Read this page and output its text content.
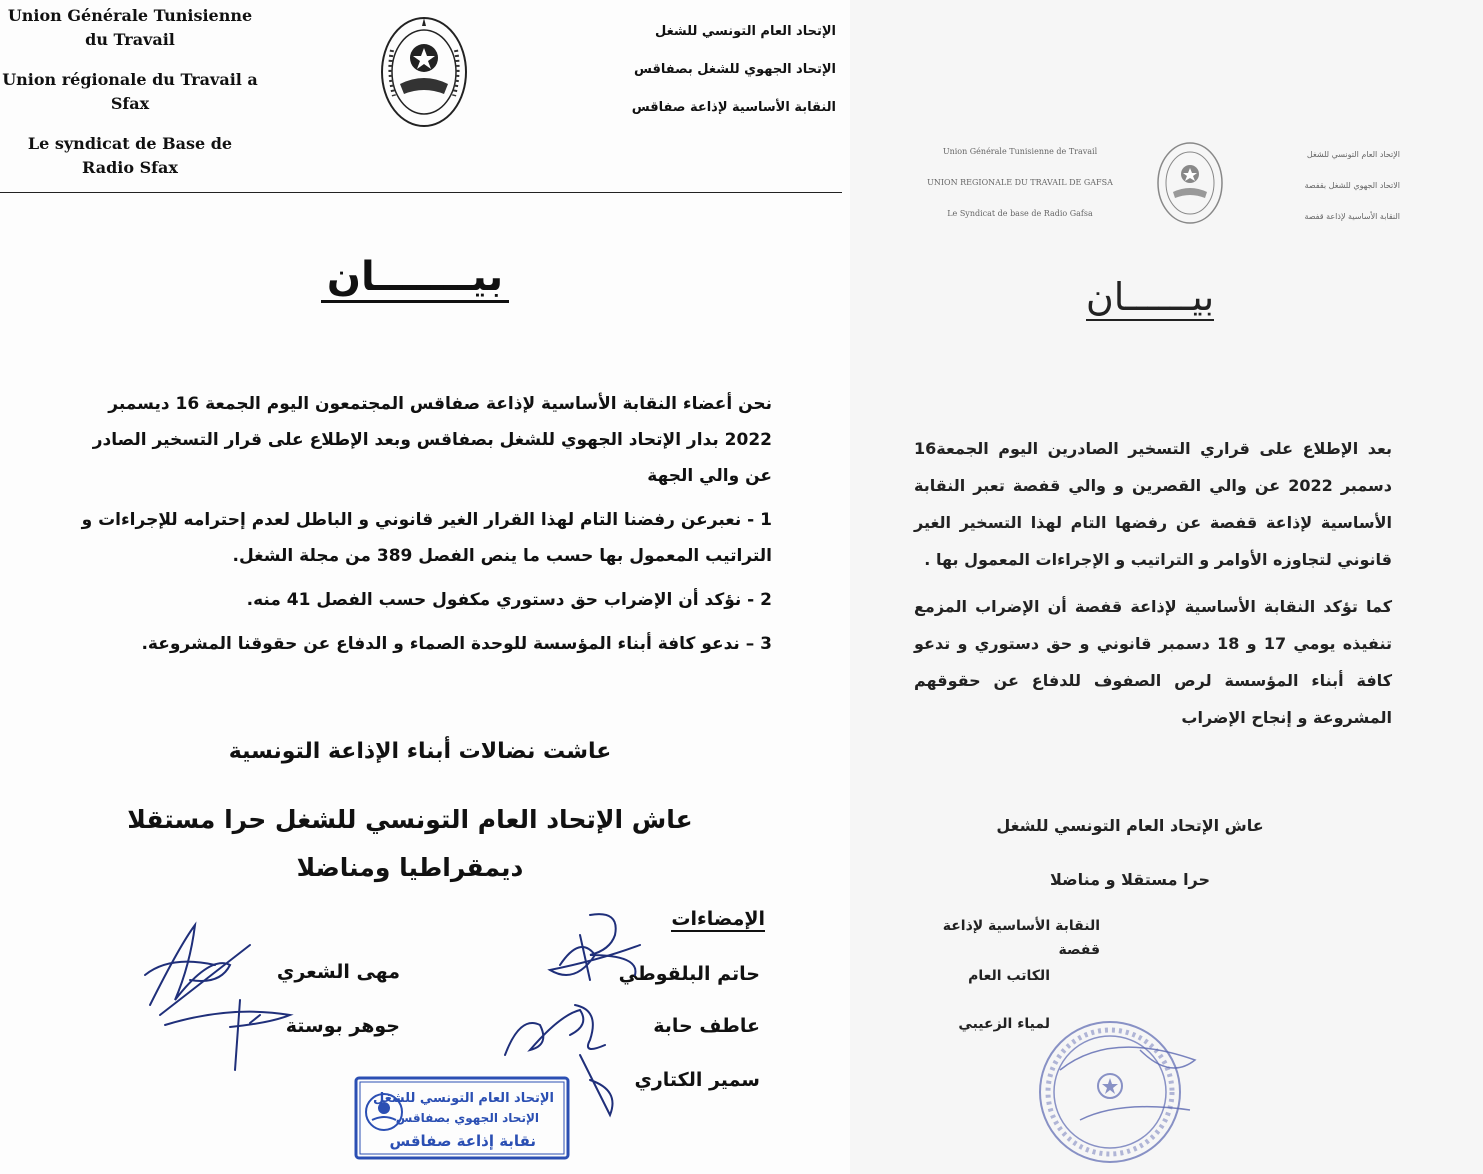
Union Générale Tunisienne du Travail

Union régionale du Travail a Sfax

Le syndicat de Base de Radio Sfax

الإتحاد العام التونسي للشغل

الإتحاد الجهوي للشغل بصفاقس

النقابة الأساسية لإذاعة صفاقس

بيـــــــان

نحن أعضاء النقابة الأساسية لإذاعة صفاقس المجتمعون اليوم الجمعة 16 ديسمبر 2022 بدار الإتحاد الجهوي للشغل بصفاقس وبعد الإطلاع على قرار التسخير الصادر عن والي الجهة

1 - نعبرعن رفضنا التام لهذا القرار الغير قانوني و الباطل لعدم إحترامه للإجراءات و التراتيب المعمول بها حسب ما ينص الفصل 389 من مجلة الشغل.

2 - نؤكد أن الإضراب حق دستوري مكفول حسب الفصل 41 منه.

3 – ندعو كافة أبناء المؤسسة للوحدة الصماء و الدفاع عن حقوقنا المشروعة.

عاشت نضالات أبناء الإذاعة التونسية
عاش الإتحاد العام التونسي للشغل حرا مستقلا ديمقراطيا ومناضلا
الإمضاءات
حاتم البلقوطي
عاطف حابة
سمير الكتاري
مهى الشعري
جوهر بوستة
الإتحاد العام التونسي للشغل
الإتحاد الجهوي بصفاقس
نقابة إذاعة صفاقس

Union Générale Tunisienne de Travail

UNION REGIONALE DU TRAVAIL DE GAFSA

Le Syndicat de base de Radio Gafsa

الإتحاد العام التونسي للشغل

الاتحاد الجهوي للشغل بقفصة

النقابة الأساسية لإذاعة قفصة

بيــــــان

بعد الإطلاع على قراري التسخير الصادرين اليوم الجمعة16 دسمبر 2022 عن والي القصرين و والي قفصة تعبر النقابة الأساسية لإذاعة قفصة عن رفضها التام لهذا التسخير الغير قانوني لتجاوزه الأوامر و التراتيب و الإجراءات المعمول بها .

كما تؤكد النقابة الأساسية لإذاعة قفصة أن الإضراب المزمع تنفيذه يومي 17 و 18 دسمبر قانوني و حق دستوري و تدعو كافة أبناء المؤسسة لرص الصفوف للدفاع عن حقوقهم المشروعة و إنجاح الإضراب

عاش الإتحاد العام التونسي للشغل
حرا مستقلا و مناضلا
النقابة الأساسية لإذاعة قفصة
الكاتب العام
لمياء الزعيبي
